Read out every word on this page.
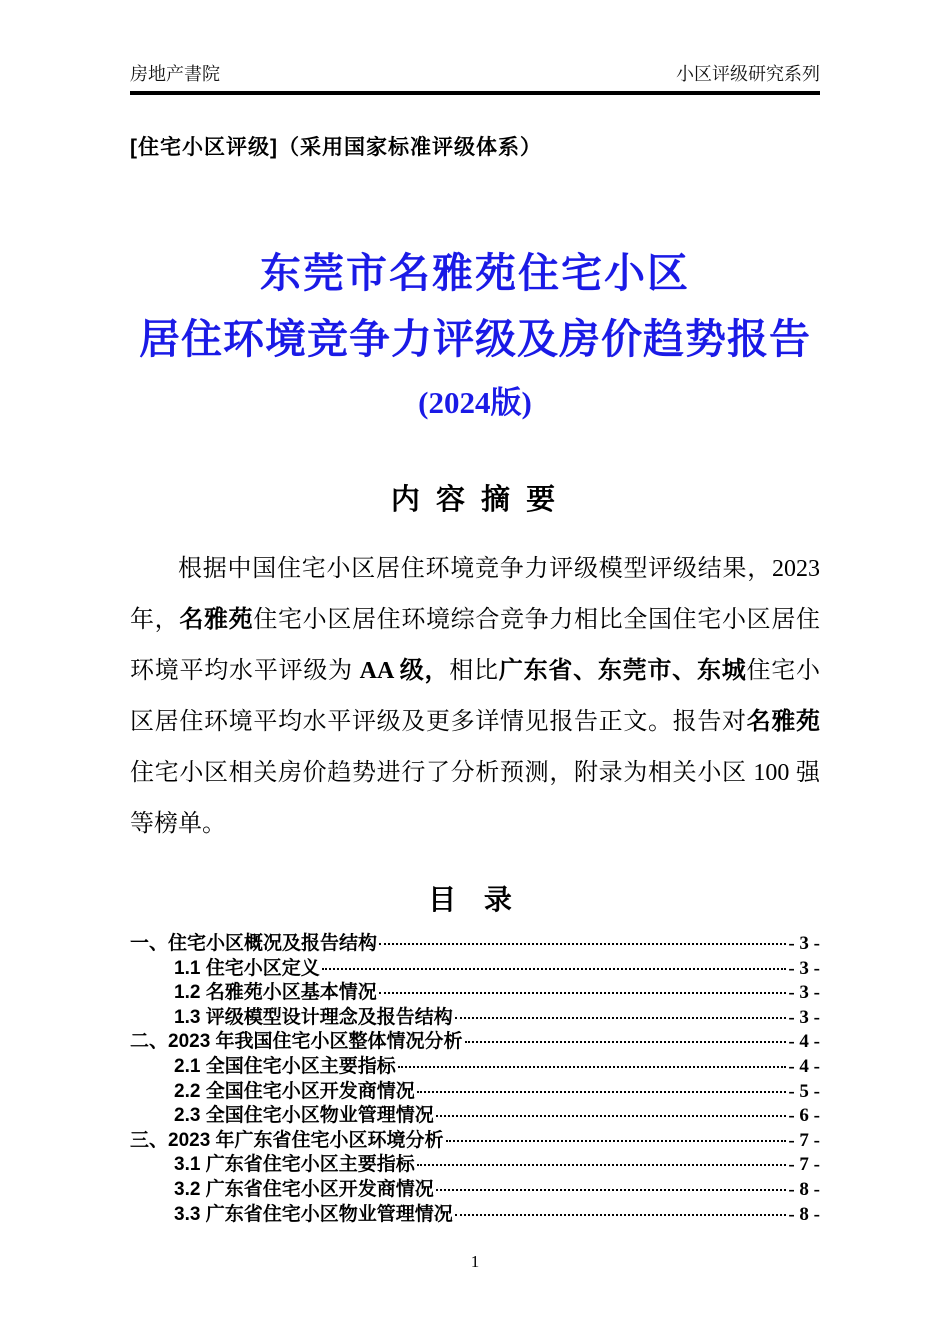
房地产書院	小区评级研究系列
[住宅小区评级]（采用国家标准评级体系）
东莞市名雅苑住宅小区
居住环境竞争力评级及房价趋势报告
(2024版)
内 容 摘 要

根据中国住宅小区居住环境竞争力评级模型评级结果，2023 年，名雅苑住宅小区居住环境综合竞争力相比全国住宅小区居住环境平均水平评级为 AA 级，相比广东省、东莞市、东城住宅小区居住环境平均水平评级及更多详情见报告正文。报告对名雅苑住宅小区相关房价趋势进行了分析预测，附录为相关小区 100 强等榜单。

目 录
一、住宅小区概况及报告结构	- 3 -
1.1 住宅小区定义	- 3 -
1.2 名雅苑小区基本情况	- 3 -
1.3 评级模型设计理念及报告结构	- 3 -
二、2023 年我国住宅小区整体情况分析	- 4 -
2.1 全国住宅小区主要指标	- 4 -
2.2 全国住宅小区开发商情况	- 5 -
2.3 全国住宅小区物业管理情况	- 6 -
三、2023 年广东省住宅小区环境分析	- 7 -
3.1 广东省住宅小区主要指标	- 7 -
3.2 广东省住宅小区开发商情况	- 8 -
3.3 广东省住宅小区物业管理情况	- 8 -
1
